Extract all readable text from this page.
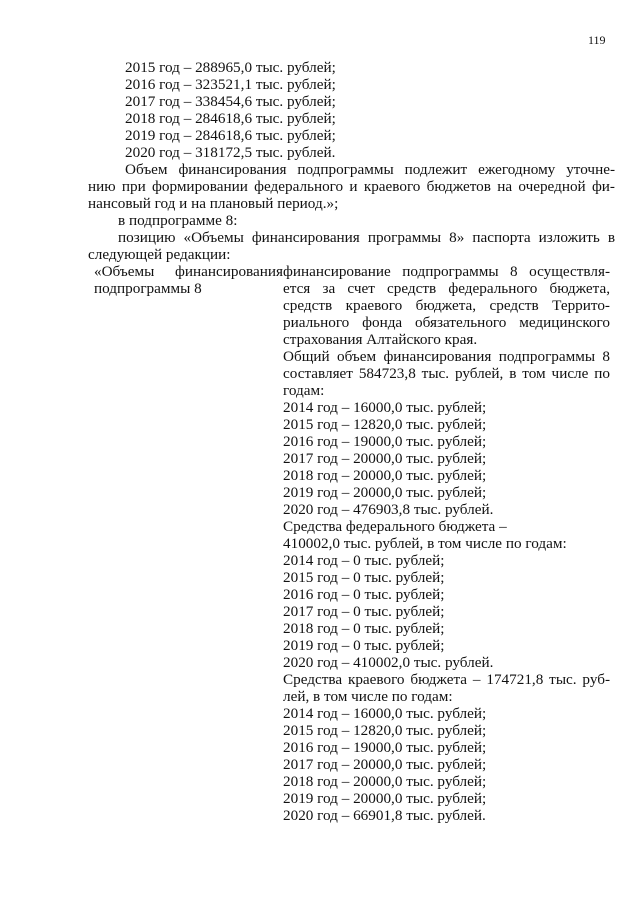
119
2015 год – 288965,0 тыс. рублей;
2016 год – 323521,1 тыс. рублей;
2017 год – 338454,6 тыс. рублей;
2018 год – 284618,6 тыс. рублей;
2019 год – 284618,6 тыс. рублей;
2020 год – 318172,5 тыс. рублей.
Объем финансирования подпрограммы подлежит ежегодному уточне-
нию при формировании федерального и краевого бюджетов на очередной фи-
нансовый год и на плановый период.»;
в подпрограмме 8:
позицию «Объемы финансирования программы 8» паспорта изложить в
следующей редакции:
«Объемы финансирования
подпрограммы 8
финансирование подпрограммы 8 осуществля-
ется за счет средств федерального бюджета,
средств краевого бюджета, средств Террито-
риального фонда обязательного медицинского
страхования Алтайского края.
Общий объем финансирования подпрограммы 8
составляет 584723,8 тыс. рублей, в том числе по
годам:
2014 год – 16000,0 тыс. рублей;
2015 год – 12820,0 тыс. рублей;
2016 год – 19000,0 тыс. рублей;
2017 год – 20000,0 тыс. рублей;
2018 год – 20000,0 тыс. рублей;
2019 год – 20000,0 тыс. рублей;
2020 год – 476903,8 тыс. рублей.
Средства федерального бюджета –
410002,0 тыс. рублей, в том числе по годам:
2014 год – 0 тыс. рублей;
2015 год – 0 тыс. рублей;
2016 год – 0 тыс. рублей;
2017 год – 0 тыс. рублей;
2018 год – 0 тыс. рублей;
2019 год – 0 тыс. рублей;
2020 год – 410002,0 тыс. рублей.
Средства краевого бюджета – 174721,8 тыс. руб-
лей, в том числе по годам:
2014 год – 16000,0 тыс. рублей;
2015 год – 12820,0 тыс. рублей;
2016 год – 19000,0 тыс. рублей;
2017 год – 20000,0 тыс. рублей;
2018 год – 20000,0 тыс. рублей;
2019 год – 20000,0 тыс. рублей;
2020 год – 66901,8 тыс. рублей.
